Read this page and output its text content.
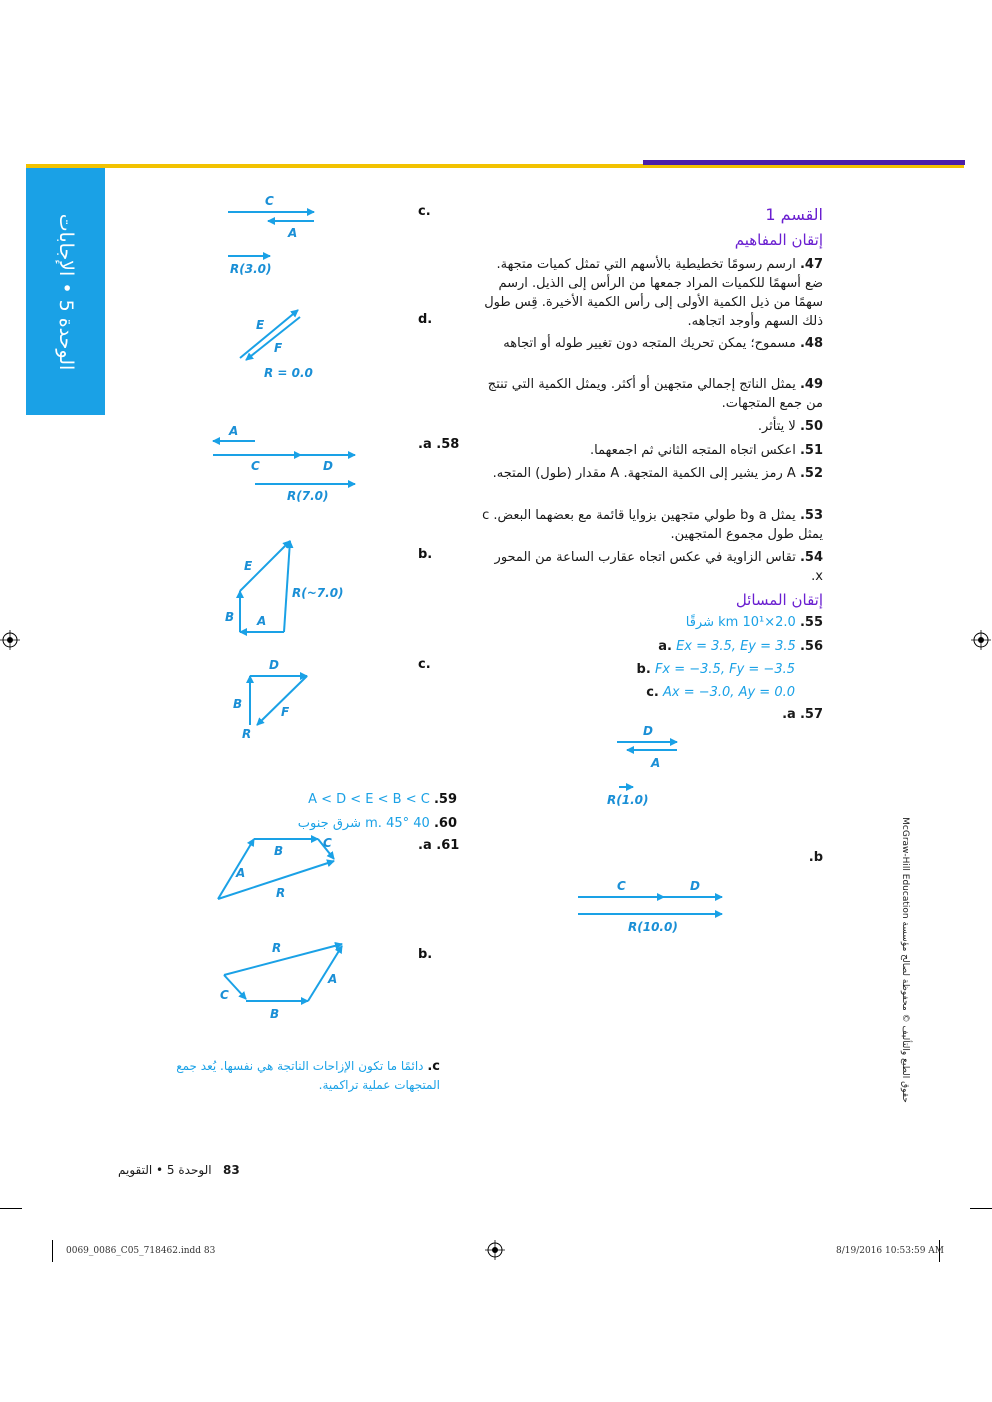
الوحدة 5 • الإجابات
القسم 1
إتقان المفاهيم
47. ارسم رسومًا تخطيطية بالأسهم التي تمثل كميات متجهة. ضع أسهمًا للكميات المراد جمعها من الرأس إلى الذيل. ارسم سهمًا من ذيل الكمية الأولى إلى رأس الكمية الأخيرة. قِس طول ذلك السهم وأوجد اتجاهه.
48. مسموح؛ يمكن تحريك المتجه دون تغيير طوله أو اتجاهه
49. يمثل الناتج إجمالي متجهين أو أكثر. ويمثل الكمية التي تنتج من جمع المتجهات.
50. لا يتأثر.
51. اعكس اتجاه المتجه الثاني ثم اجمعهما.
52. A رمز يشير إلى الكمية المتجهة. A مقدار (طول) المتجه.
53. يمثل a وb طولي متجهين بزوايا قائمة مع بعضهما البعض. c يمثل طول مجموع المتجهين.
54. تقاس الزاوية في عكس اتجاه عقارب الساعة من المحور x.
إتقان المسائل
55. 2.0×10¹ km شرقًا
56. a. Ex = 3.5, Ey = 3.5
b. Fx = −3.5, Fy = −3.5
c. Ax = −3.0, Ay = 0.0
57. a.
b.
c.
d.
58. a.
b.
c.
59. A < D < E < B < C
60. 40 m. 45° شرق جنوب
61. a.
b.
c. دائمًا ما تكون الإزاحات الناتجة هي نفسها. يُعد جمع المتجهات عملية تراكمية.
C
A
R(3.0)
E
F
R = 0.0
A
C	D
R(7.0)
E
B A
R(~7.0)
D
B
F
R	D
A
R(1.0)
C	D
R(10.0)
B
C
A
R
R
A
C
B
حقوق الطبع والتأليف © محفوظة لصالح مؤسسة McGraw-Hill Education
83   الوحدة 5 • التقويم
0069_0086_C05_718462.indd 83	8/19/2016 10:53:59 AM
